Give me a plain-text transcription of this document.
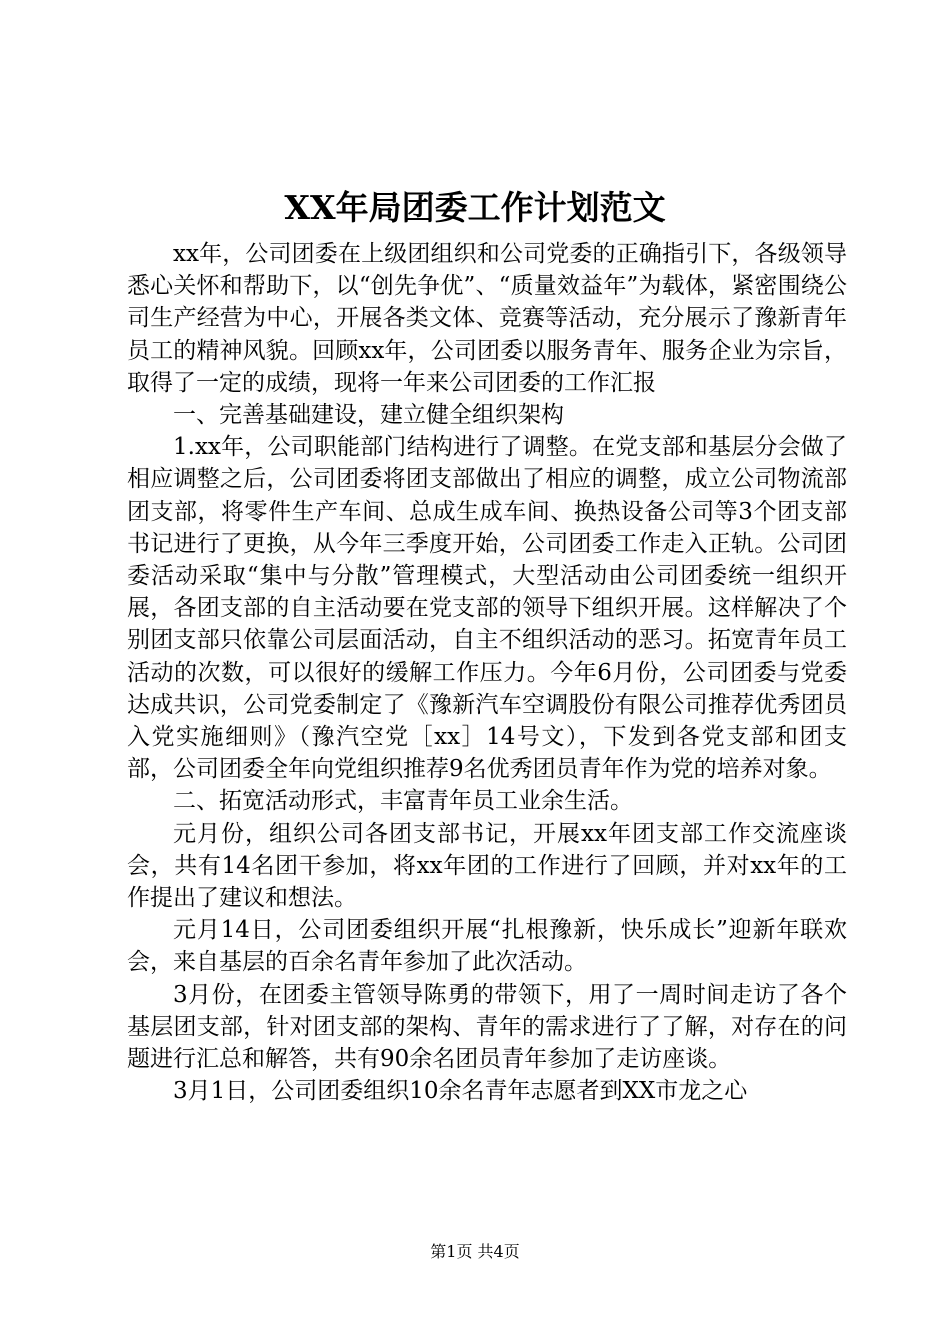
XX年局团委工作计划范文

xx年，公司团委在上级团组织和公司党委的正确指引下，各级领导悉心关怀和帮助下，以“创先争优”、“质量效益年”为载体，紧密围绕公司生产经营为中心，开展各类文体、竞赛等活动，充分展示了豫新青年员工的精神风貌。回顾xx年，公司团委以服务青年、服务企业为宗旨，取得了一定的成绩，现将一年来公司团委的工作汇报

一、完善基础建设，建立健全组织架构

1.xx年，公司职能部门结构进行了调整。在党支部和基层分会做了相应调整之后，公司团委将团支部做出了相应的调整，成立公司物流部团支部，将零件生产车间、总成生成车间、换热设备公司等3个团支部书记进行了更换，从今年三季度开始，公司团委工作走入正轨。公司团委活动采取“集中与分散”管理模式，大型活动由公司团委统一组织开展，各团支部的自主活动要在党支部的领导下组织开展。这样解决了个别团支部只依靠公司层面活动，自主不组织活动的恶习。拓宽青年员工活动的次数，可以很好的缓解工作压力。今年6月份，公司团委与党委达成共识，公司党委制定了《豫新汽车空调股份有限公司推荐优秀团员入党实施细则》（豫汽空党［xx］14号文），下发到各党支部和团支部，公司团委全年向党组织推荐9名优秀团员青年作为党的培养对象。

二、拓宽活动形式，丰富青年员工业余生活。

元月份，组织公司各团支部书记，开展xx年团支部工作交流座谈会，共有14名团干参加，将xx年团的工作进行了回顾，并对xx年的工作提出了建议和想法。

元月14日，公司团委组织开展“扎根豫新，快乐成长”迎新年联欢会，来自基层的百余名青年参加了此次活动。

3月份，在团委主管领导陈勇的带领下，用了一周时间走访了各个基层团支部，针对团支部的架构、青年的需求进行了了解，对存在的问题进行汇总和解答，共有90余名团员青年参加了走访座谈。

3月1日，公司团委组织10余名青年志愿者到XX市龙之心

第1页 共4页
